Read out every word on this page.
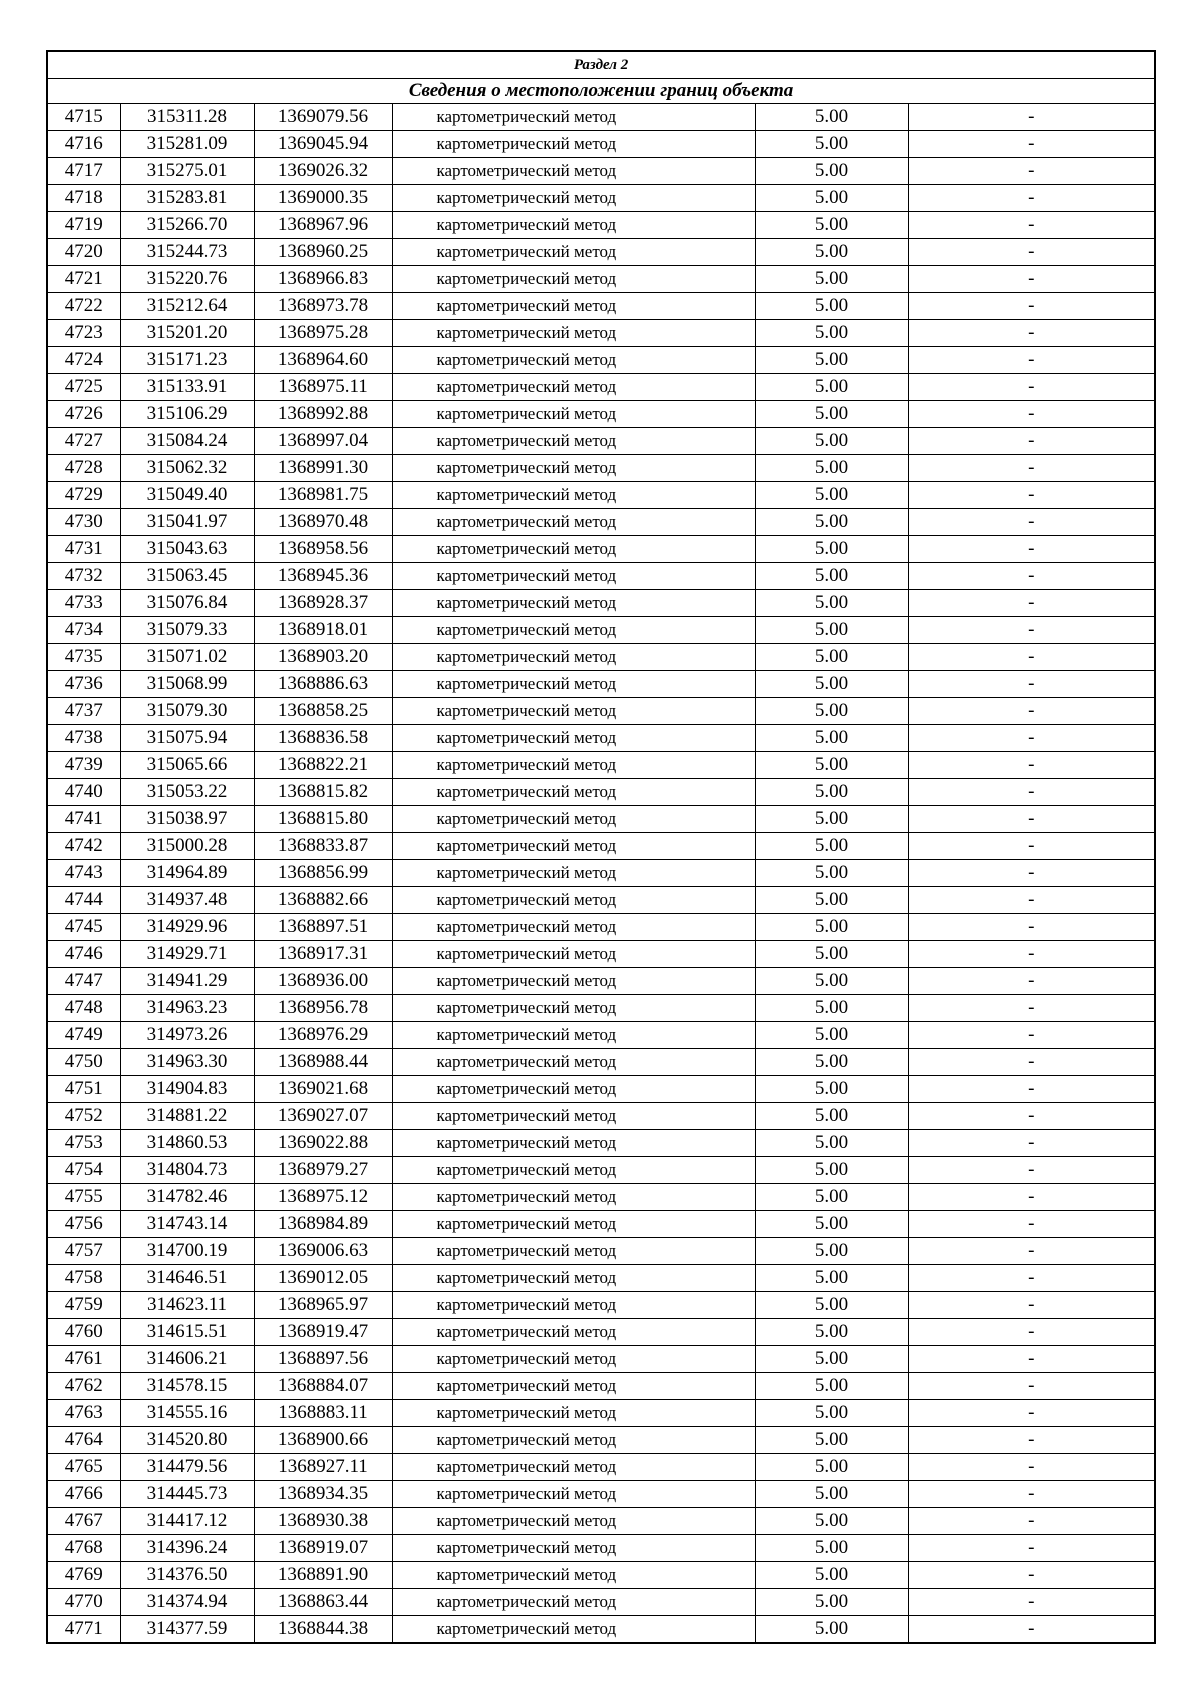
Раздел 2					
Сведения о местоположении границ объекта					
4715	315311.28	1369079.56	картометрический метод	5.00	-
4716	315281.09	1369045.94	картометрический метод	5.00	-
4717	315275.01	1369026.32	картометрический метод	5.00	-
4718	315283.81	1369000.35	картометрический метод	5.00	-
4719	315266.70	1368967.96	картометрический метод	5.00	-
4720	315244.73	1368960.25	картометрический метод	5.00	-
4721	315220.76	1368966.83	картометрический метод	5.00	-
4722	315212.64	1368973.78	картометрический метод	5.00	-
4723	315201.20	1368975.28	картометрический метод	5.00	-
4724	315171.23	1368964.60	картометрический метод	5.00	-
4725	315133.91	1368975.11	картометрический метод	5.00	-
4726	315106.29	1368992.88	картометрический метод	5.00	-
4727	315084.24	1368997.04	картометрический метод	5.00	-
4728	315062.32	1368991.30	картометрический метод	5.00	-
4729	315049.40	1368981.75	картометрический метод	5.00	-
4730	315041.97	1368970.48	картометрический метод	5.00	-
4731	315043.63	1368958.56	картометрический метод	5.00	-
4732	315063.45	1368945.36	картометрический метод	5.00	-
4733	315076.84	1368928.37	картометрический метод	5.00	-
4734	315079.33	1368918.01	картометрический метод	5.00	-
4735	315071.02	1368903.20	картометрический метод	5.00	-
4736	315068.99	1368886.63	картометрический метод	5.00	-
4737	315079.30	1368858.25	картометрический метод	5.00	-
4738	315075.94	1368836.58	картометрический метод	5.00	-
4739	315065.66	1368822.21	картометрический метод	5.00	-
4740	315053.22	1368815.82	картометрический метод	5.00	-
4741	315038.97	1368815.80	картометрический метод	5.00	-
4742	315000.28	1368833.87	картометрический метод	5.00	-
4743	314964.89	1368856.99	картометрический метод	5.00	-
4744	314937.48	1368882.66	картометрический метод	5.00	-
4745	314929.96	1368897.51	картометрический метод	5.00	-
4746	314929.71	1368917.31	картометрический метод	5.00	-
4747	314941.29	1368936.00	картометрический метод	5.00	-
4748	314963.23	1368956.78	картометрический метод	5.00	-
4749	314973.26	1368976.29	картометрический метод	5.00	-
4750	314963.30	1368988.44	картометрический метод	5.00	-
4751	314904.83	1369021.68	картометрический метод	5.00	-
4752	314881.22	1369027.07	картометрический метод	5.00	-
4753	314860.53	1369022.88	картометрический метод	5.00	-
4754	314804.73	1368979.27	картометрический метод	5.00	-
4755	314782.46	1368975.12	картометрический метод	5.00	-
4756	314743.14	1368984.89	картометрический метод	5.00	-
4757	314700.19	1369006.63	картометрический метод	5.00	-
4758	314646.51	1369012.05	картометрический метод	5.00	-
4759	314623.11	1368965.97	картометрический метод	5.00	-
4760	314615.51	1368919.47	картометрический метод	5.00	-
4761	314606.21	1368897.56	картометрический метод	5.00	-
4762	314578.15	1368884.07	картометрический метод	5.00	-
4763	314555.16	1368883.11	картометрический метод	5.00	-
4764	314520.80	1368900.66	картометрический метод	5.00	-
4765	314479.56	1368927.11	картометрический метод	5.00	-
4766	314445.73	1368934.35	картометрический метод	5.00	-
4767	314417.12	1368930.38	картометрический метод	5.00	-
4768	314396.24	1368919.07	картометрический метод	5.00	-
4769	314376.50	1368891.90	картометрический метод	5.00	-
4770	314374.94	1368863.44	картометрический метод	5.00	-
4771	314377.59	1368844.38	картометрический метод	5.00	-
